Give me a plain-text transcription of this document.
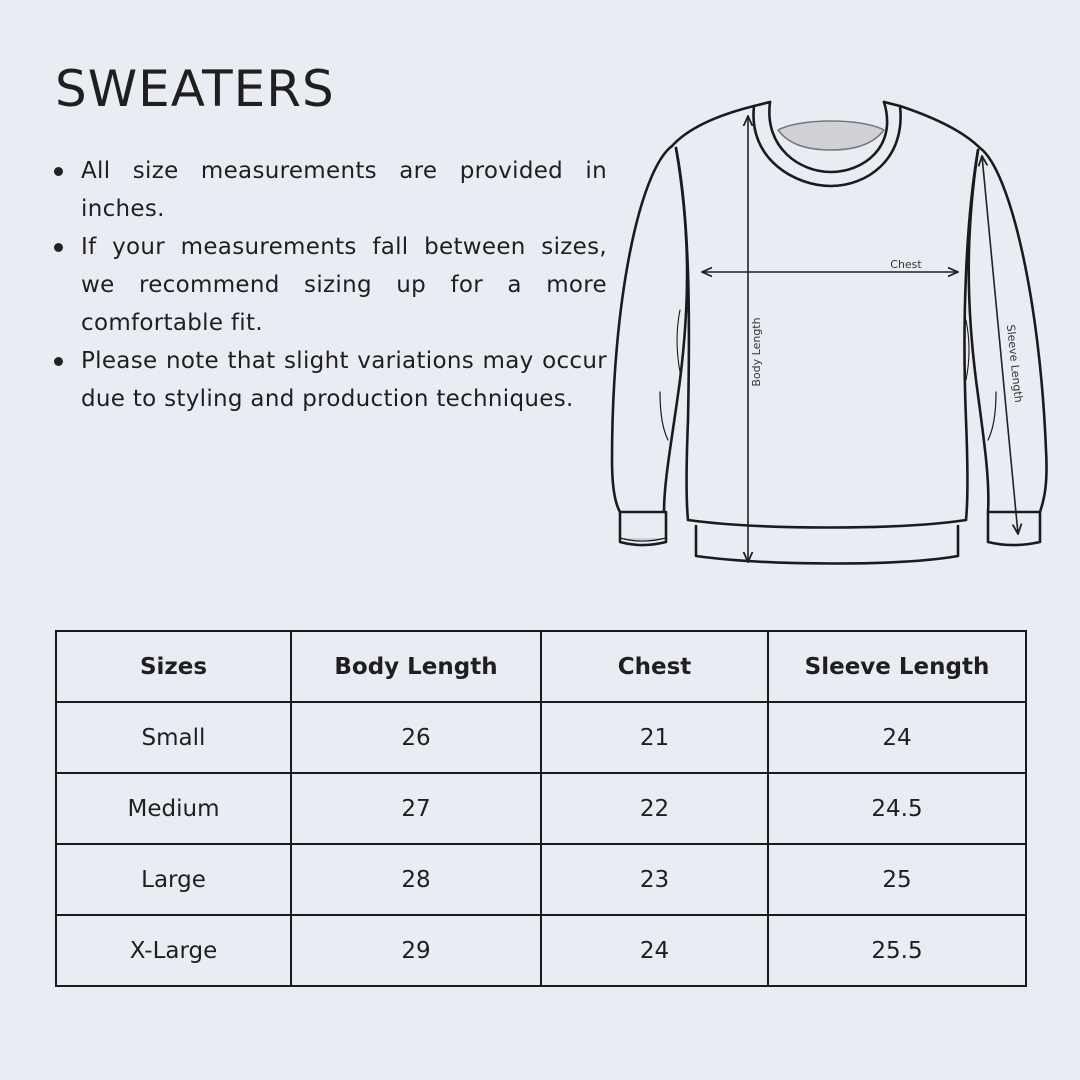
SWEATERS
All size measurements are provided in inches.
If your measurements fall between sizes, we recommend sizing up for a more comfortable fit.
Please note that slight variations may occur due to styling and production techniques.
Chest
Body Length	Sleeve Length
Sizes	Body Length	Chest	Sleeve Length
Small	26	21	24
Medium	27	22	24.5
Large	28	23	25
X-Large	29	24	25.5
